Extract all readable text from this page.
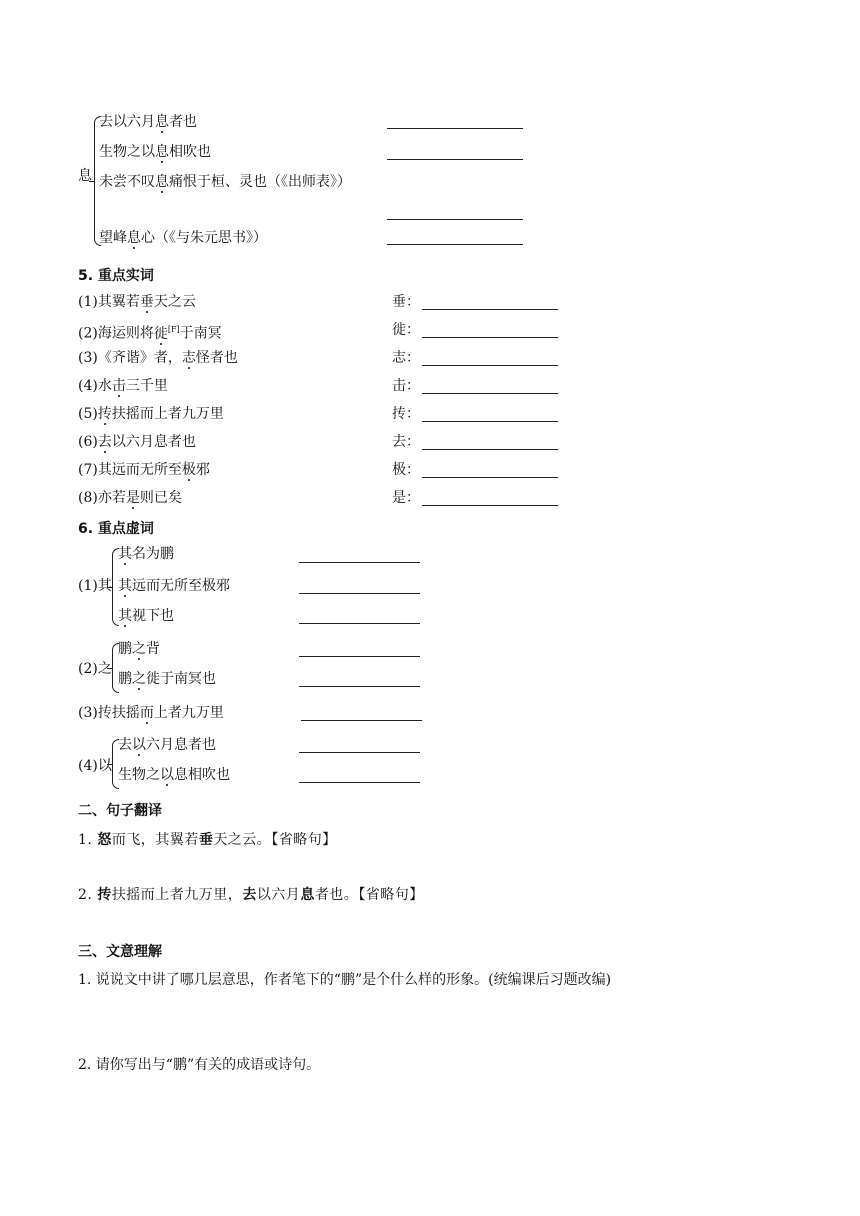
息
去以六月息者也
生物之以息相吹也
未尝不叹息痛恨于桓、灵也（《出师表》）
望峰息心（《与朱元思书》）
5. 重点实词
(1)其翼若垂天之云	垂：
(2)海运则将徙[F]于南冥	徙：
(3)《齐谐》者，志怪者也	志：
(4)水击三千里	击：
(5)抟扶摇而上者九万里	抟：
(6)去以六月息者也	去：
(7)其远而无所至极邪	极：
(8)亦若是则已矣	是：
6. 重点虚词
(1)其
其名为鹏
其远而无所至极邪
其视下也
(2)之
鹏之背
鹏之徙于南冥也
(3)抟扶摇而上者九万里
(4)以
去以六月息者也
生物之以息相吹也
二、句子翻译
1. 怒而飞，其翼若垂天之云。【省略句】
2. 抟扶摇而上者九万里，去以六月息者也。【省略句】
三、文意理解
1. 说说文中讲了哪几层意思，作者笔下的“鹏”是个什么样的形象。(统编课后习题改编)
2. 请你写出与“鹏”有关的成语或诗句。
